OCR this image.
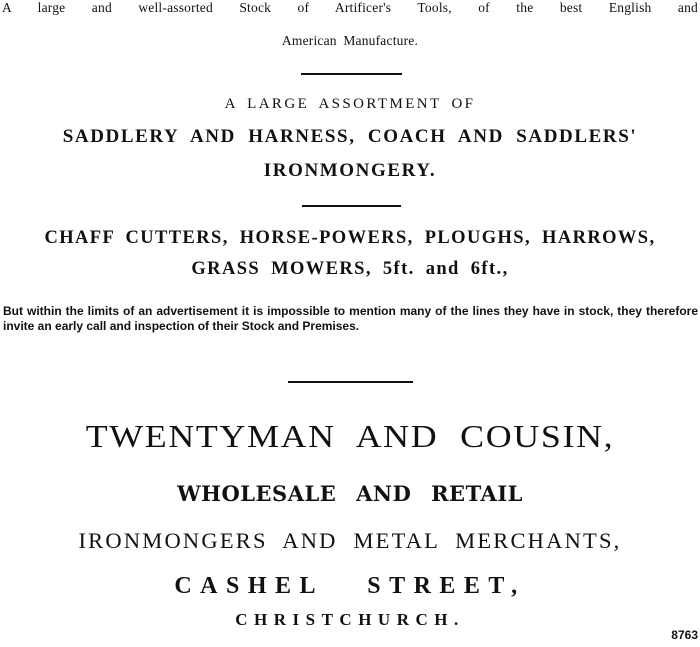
A large and well-assorted Stock of Artificer's Tools, of the best English and

American Manufacture.

A LARGE ASSORTMENT OF

SADDLERY AND HARNESS, COACH AND SADDLERS'

IRONMONGERY.

CHAFF CUTTERS, HORSE-POWERS, PLOUGHS, HARROWS,

GRASS MOWERS, 5ft. and 6ft.,

But within the limits of an advertisement it is impossible to mention many of the lines they have in stock, they therefore invite an early call and inspection of their Stock and Premises.

TWENTYMAN AND COUSIN,

WHOLESALE AND RETAIL

IRONMONGERS AND METAL MERCHANTS,

CASHEL STREET,

CHRISTCHURCH.

8763
